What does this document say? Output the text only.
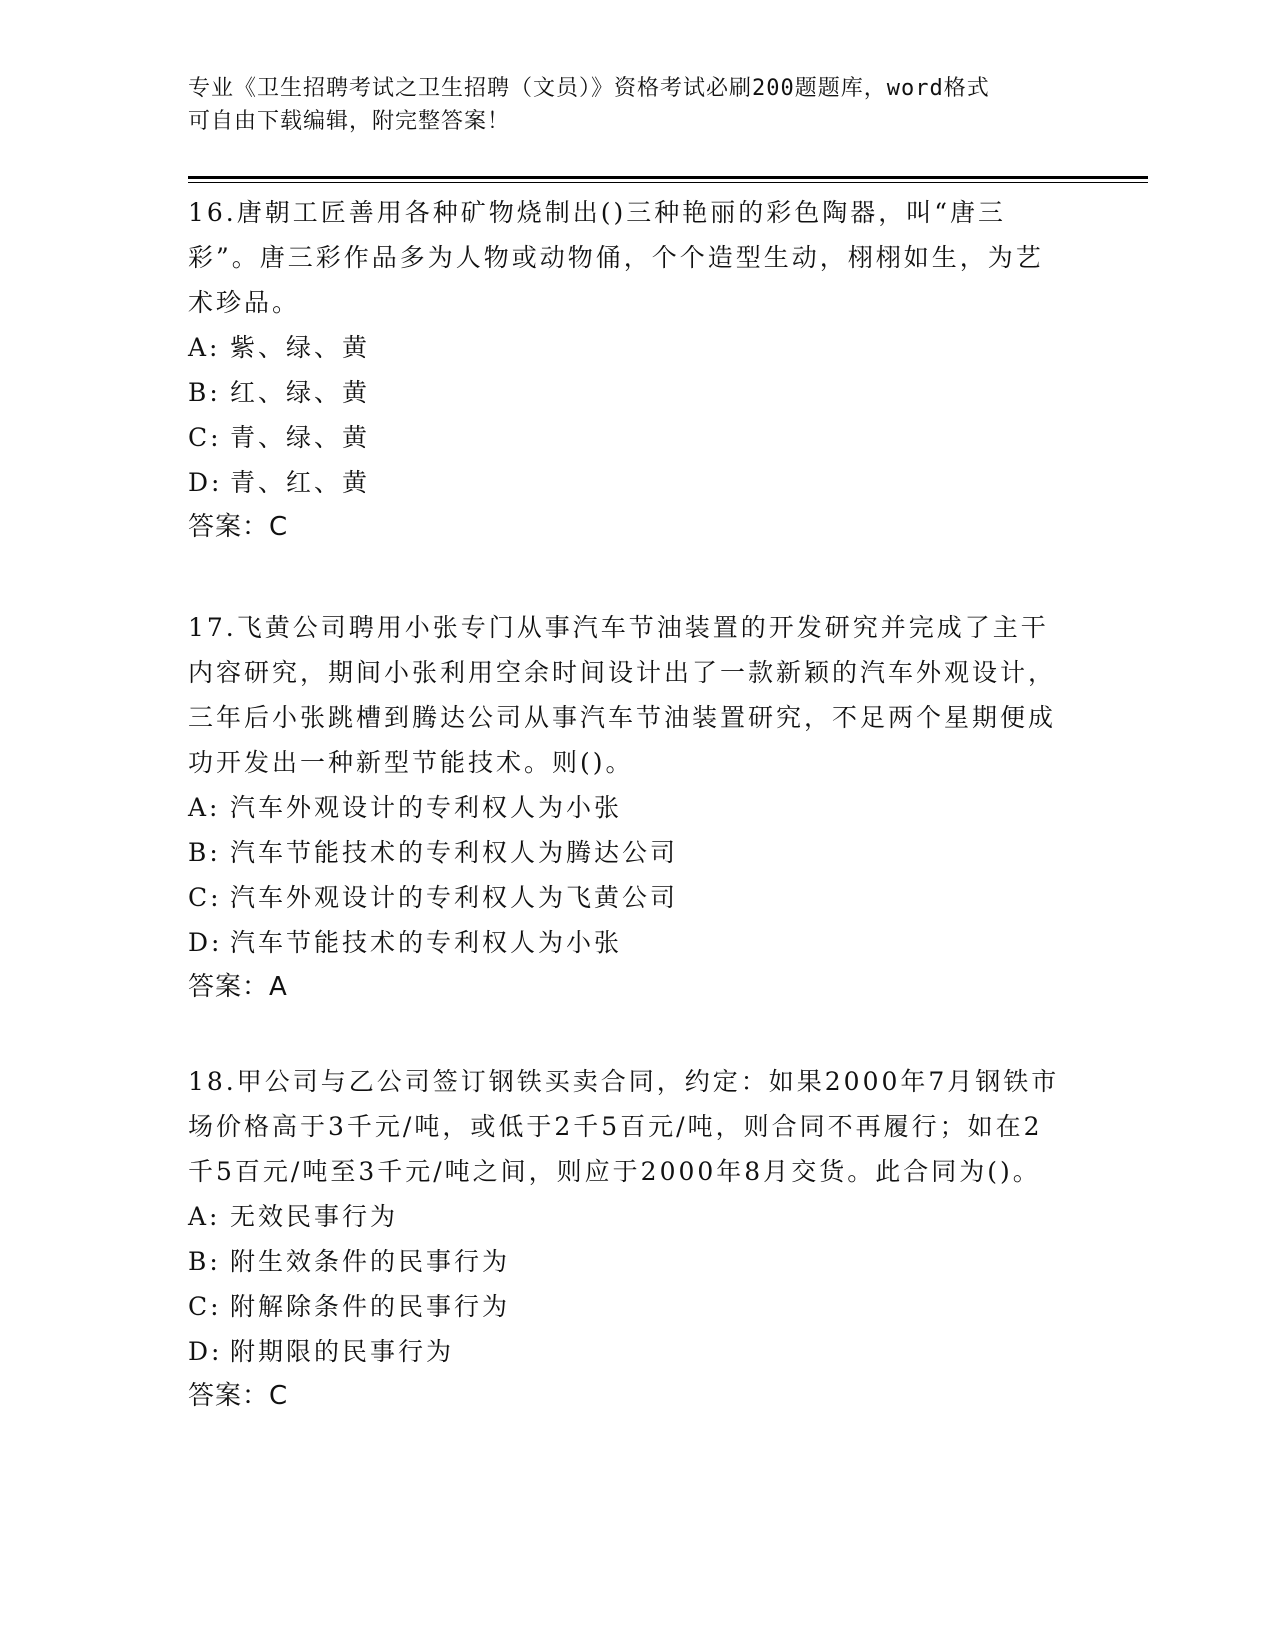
专业《卫生招聘考试之卫生招聘（文员）》资格考试必刷200题题库，word格式
可自由下载编辑，附完整答案！

16.唐朝工匠善用各种矿物烧制出()三种艳丽的彩色陶器，叫“唐三彩”。唐三彩作品多为人物或动物俑，个个造型生动，栩栩如生，为艺术珍品。

A: 紫、绿、黄

B: 红、绿、黄

C: 青、绿、黄

D: 青、红、黄

答案：C

17.飞黄公司聘用小张专门从事汽车节油装置的开发研究并完成了主干内容研究，期间小张利用空余时间设计出了一款新颖的汽车外观设计，三年后小张跳槽到腾达公司从事汽车节油装置研究，不足两个星期便成功开发出一种新型节能技术。则()。

A: 汽车外观设计的专利权人为小张

B: 汽车节能技术的专利权人为腾达公司

C: 汽车外观设计的专利权人为飞黄公司

D: 汽车节能技术的专利权人为小张

答案：A

18.甲公司与乙公司签订钢铁买卖合同，约定：如果2000年7月钢铁市场价格高于3千元/吨，或低于2千5百元/吨，则合同不再履行；如在2千5百元/吨至3千元/吨之间，则应于2000年8月交货。此合同为()。

A: 无效民事行为

B: 附生效条件的民事行为

C: 附解除条件的民事行为

D: 附期限的民事行为

答案：C
